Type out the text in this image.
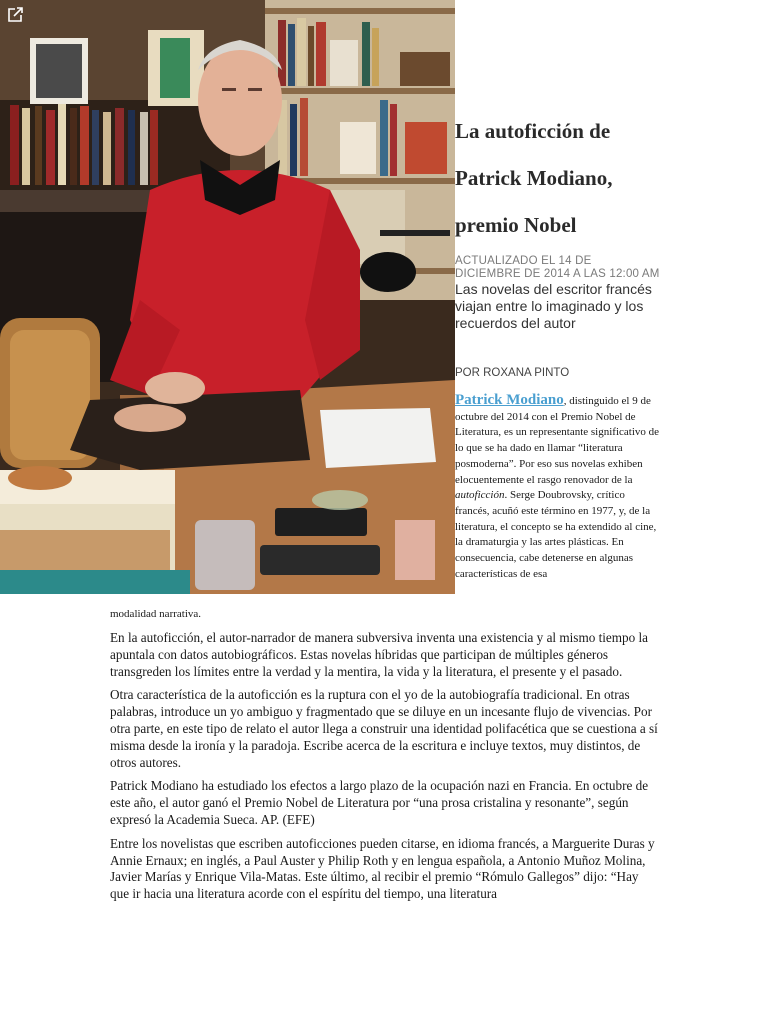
La autoficción de
Patrick Modiano,
premio Nobel
ACTUALIZADO EL 14 DE DICIEMBRE DE 2014 A LAS 12:00 AM
Las novelas del escritor francés viajan entre lo imaginado y los recuerdos del autor
POR ROXANA PINTO
Patrick Modiano, distinguido el 9 de octubre del 2014 con el Premio Nobel de Literatura, es un representante significativo de lo que se ha dado en llamar “literatura posmoderna”. Por eso sus novelas exhiben elocuentemente el rasgo renovador de la autoficción. Serge Doubrovsky, crítico francés, acuñó este término en 1977, y, de la literatura, el concepto se ha extendido al cine, la dramaturgia y las artes plásticas. En consecuencia, cabe detenerse en algunas características de esa
modalidad narrativa.

En la autoficción, el autor-narrador de manera subversiva inventa una existencia y al mismo tiempo la apuntala con datos autobiográficos. Estas novelas híbridas que participan de múltiples géneros transgreden los límites entre la verdad y la mentira, la vida y la literatura, el presente y el pasado.

Otra característica de la autoficción es la ruptura con el yo de la autobiografía tradicional. En otras palabras, introduce un yo ambiguo y fragmentado que se diluye en un incesante flujo de vivencias. Por otra parte, en este tipo de relato el autor llega a construir una identidad polifacética que se cuestiona a sí misma desde la ironía y la paradoja. Escribe acerca de la escritura e incluye textos, muy distintos, de otros autores.

Patrick Modiano ha estudiado los efectos a largo plazo de la ocupación nazi en Francia. En octubre de este año, el autor ganó el Premio Nobel de Literatura por “una prosa cristalina y resonante”, según expresó la Academia Sueca. AP. (EFE)

Entre los novelistas que escriben autoficciones pueden citarse, en idioma francés, a Marguerite Duras y Annie Ernaux; en inglés, a Paul Auster y Philip Roth y en lengua española, a Antonio Muñoz Molina, Javier Marías y Enrique Vila-Matas. Este último, al recibir el premio “Rómulo Gallegos” dijo: “Hay que ir hacia una literatura acorde con el espíritu del tiempo, una literatura
